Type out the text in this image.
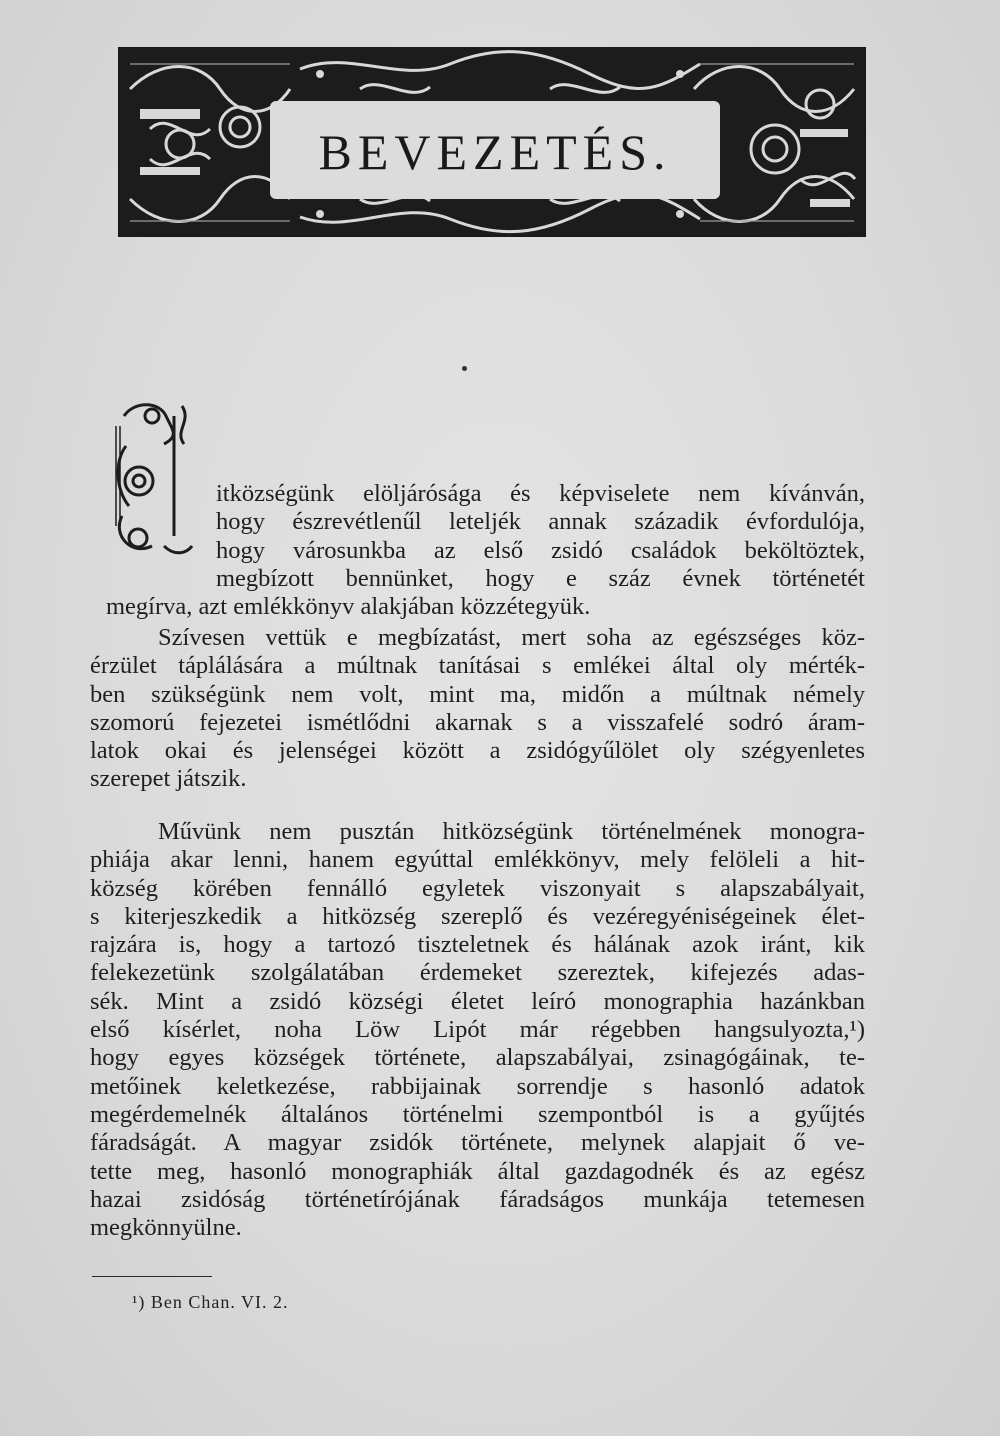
BEVEZETÉS.
itközségünk elöljárósága és képviselete nem kívánván,
hogy észrevétlenűl leteljék annak századik évfordulója,
hogy városunkba az első zsidó családok beköltöztek,
megbízott bennünket, hogy e száz évnek történetét
megírva, azt emlékkönyv alakjában közzétegyük.
Szívesen vettük e megbízatást, mert soha az egészséges köz-
érzület táplálására a múltnak tanításai s emlékei által oly mérték-
ben szükségünk nem volt, mint ma, midőn a múltnak némely
szomorú fejezetei ismétlődni akarnak s a visszafelé sodró áram-
latok okai és jelenségei között a zsidógyűlölet oly szégyenletes
szerepet játszik.
Művünk nem pusztán hitközségünk történelmének monogra-
phiája akar lenni, hanem egyúttal emlékkönyv, mely felöleli a hit-
község körében fennálló egyletek viszonyait s alapszabályait,
s kiterjeszkedik a hitközség szereplő és vezéregyéniségeinek élet-
rajzára is, hogy a tartozó tiszteletnek és hálának azok iránt, kik
felekezetünk szolgálatában érdemeket szereztek, kifejezés adas-
sék. Mint a zsidó községi életet leíró monographia hazánkban
első kísérlet, noha Löw Lipót már régebben hangsulyozta,¹)
hogy egyes községek története, alapszabályai, zsinagógáinak, te-
metőinek keletkezése, rabbijainak sorrendje s hasonló adatok
megérdemelnék általános történelmi szempontból is a gyűjtés
fáradságát. A magyar zsidók története, melynek alapjait ő ve-
tette meg, hasonló monographiák által gazdagodnék és az egész
hazai zsidóság történetírójának fáradságos munkája tetemesen
megkönnyülne.
¹) Ben Chan. VI. 2.
